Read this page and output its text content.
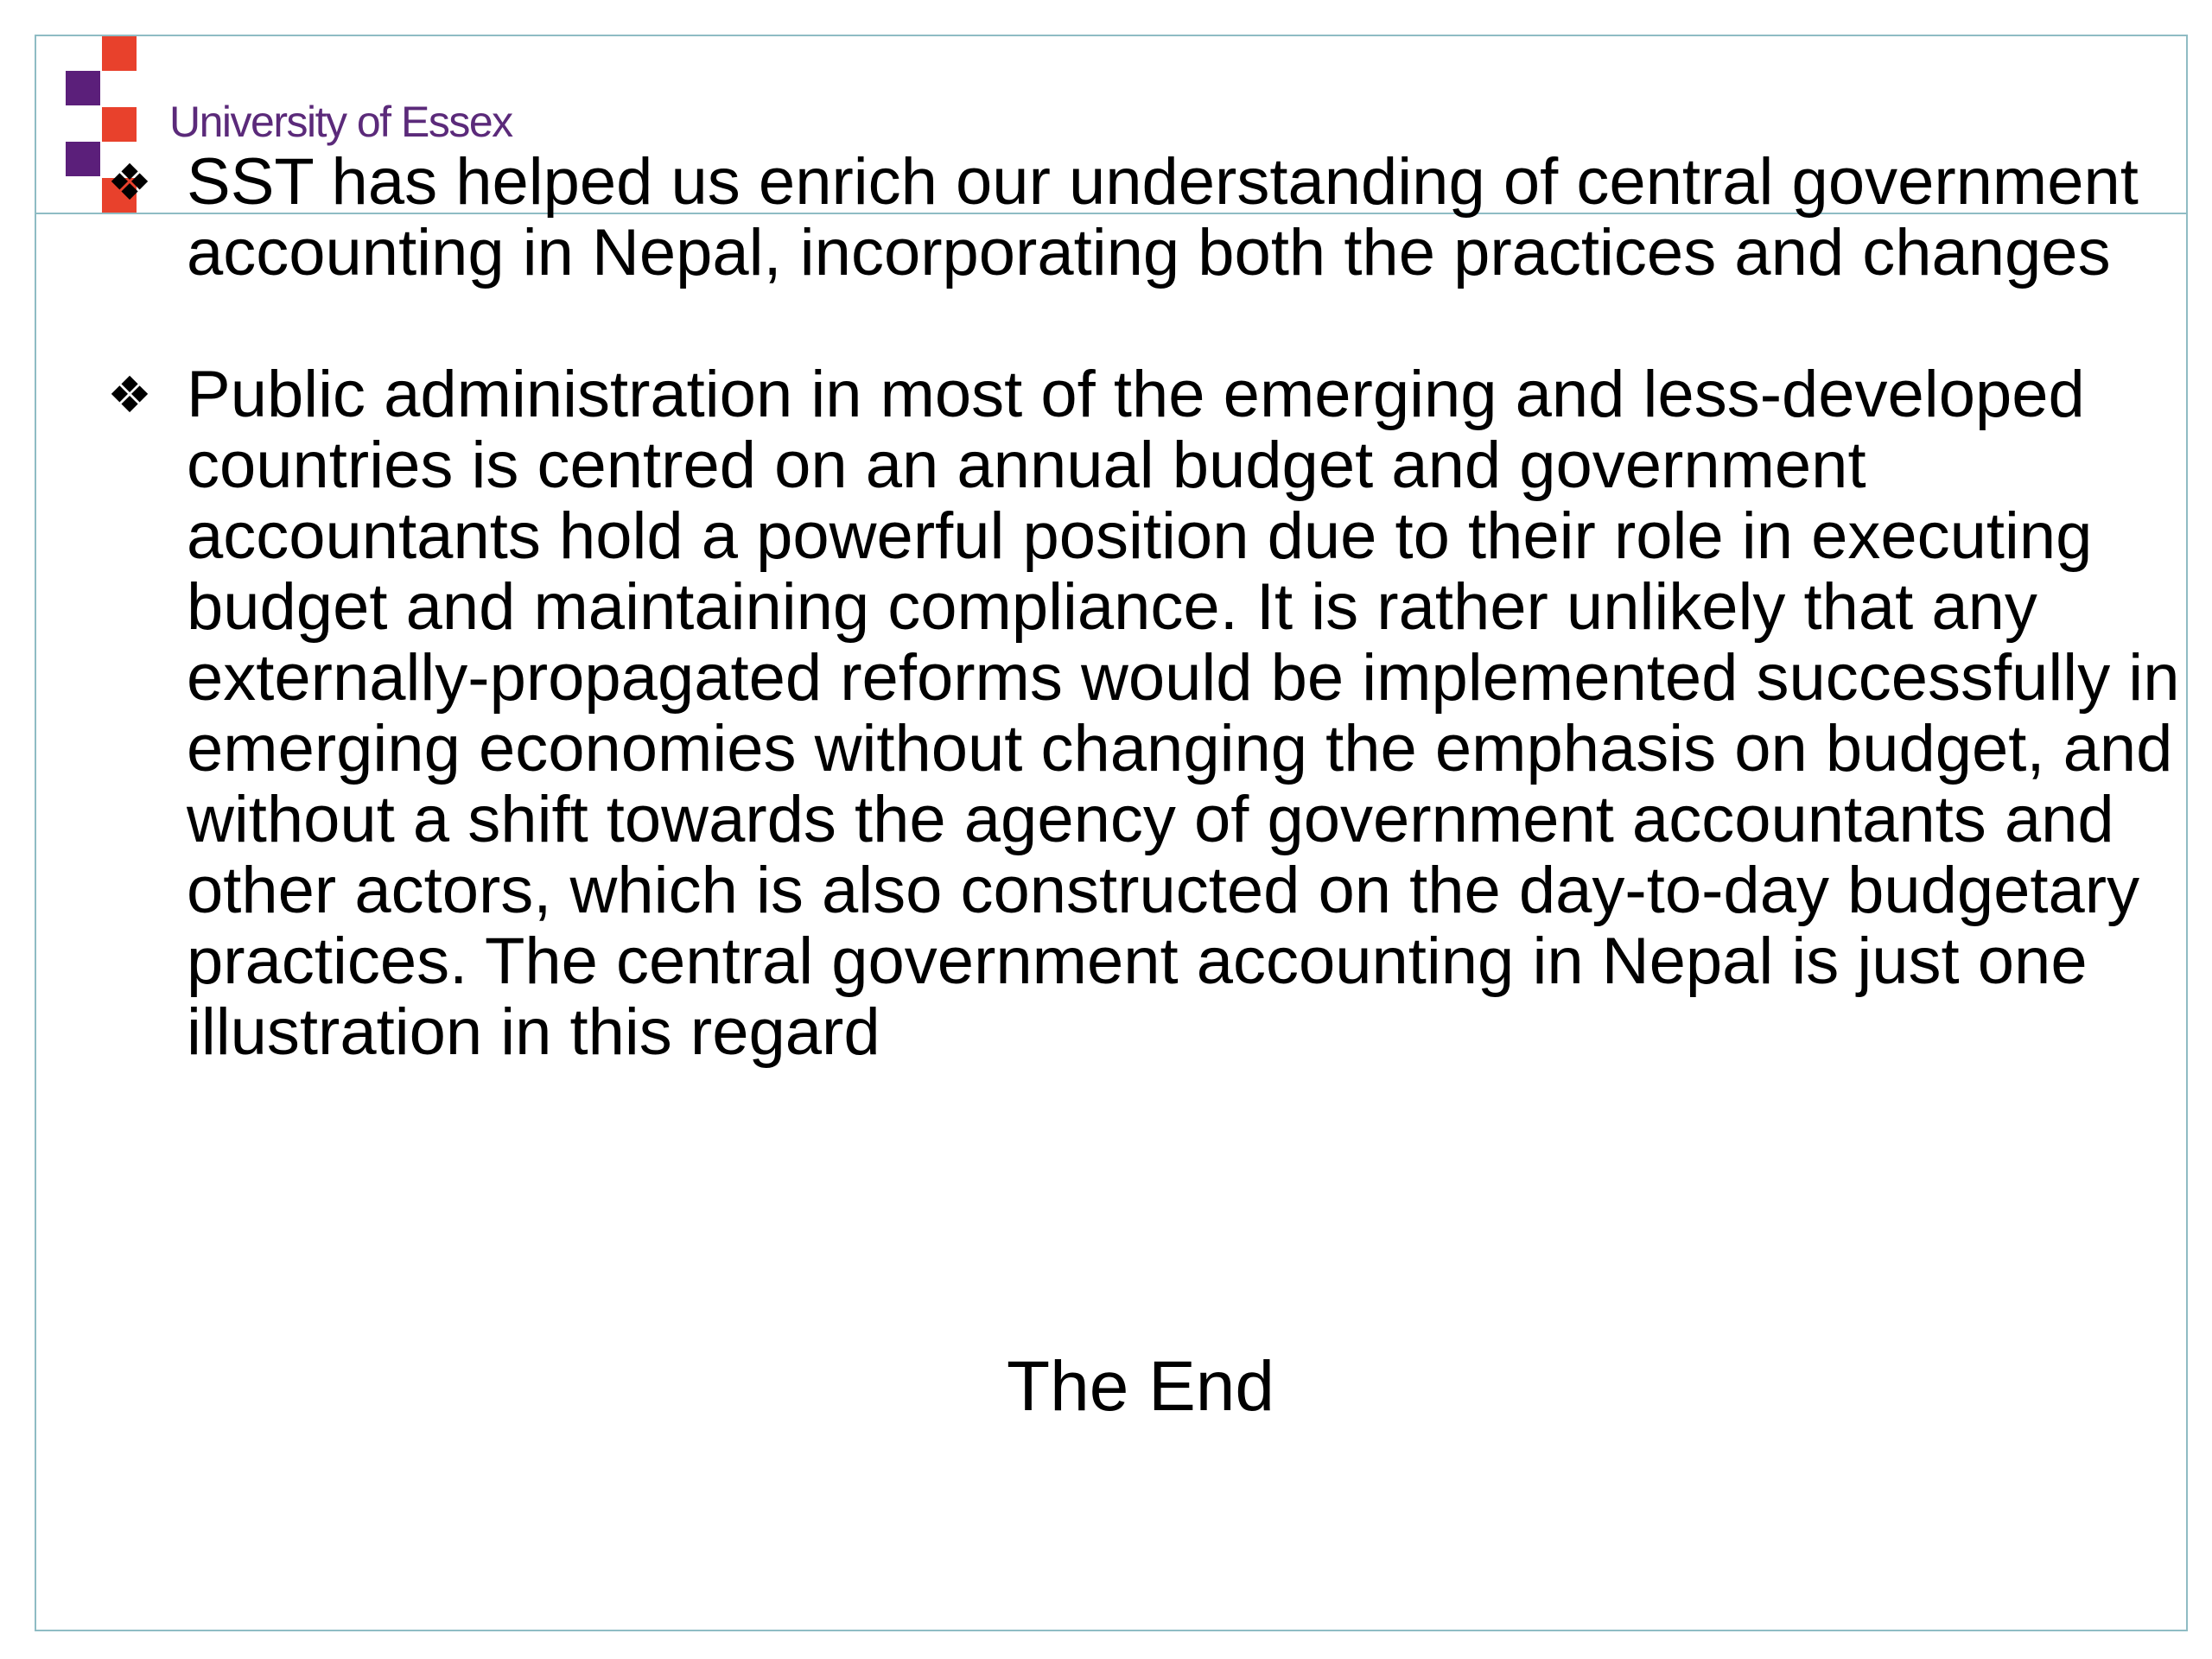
University of Essex
❖ SST has helped us enrich our understanding of central government accounting in Nepal, incorporating both the practices and changes
❖ Public administration in most of the emerging and less-developed countries is centred on an annual budget and government accountants hold a powerful position due to their role in executing budget and maintaining compliance. It is rather unlikely that any externally-propagated reforms would be implemented successfully in emerging economies without changing the emphasis on budget, and without a shift towards the agency of government accountants and other actors, which is also constructed on the day-to-day budgetary practices. The central government accounting in Nepal is just one illustration in this regard
The End
